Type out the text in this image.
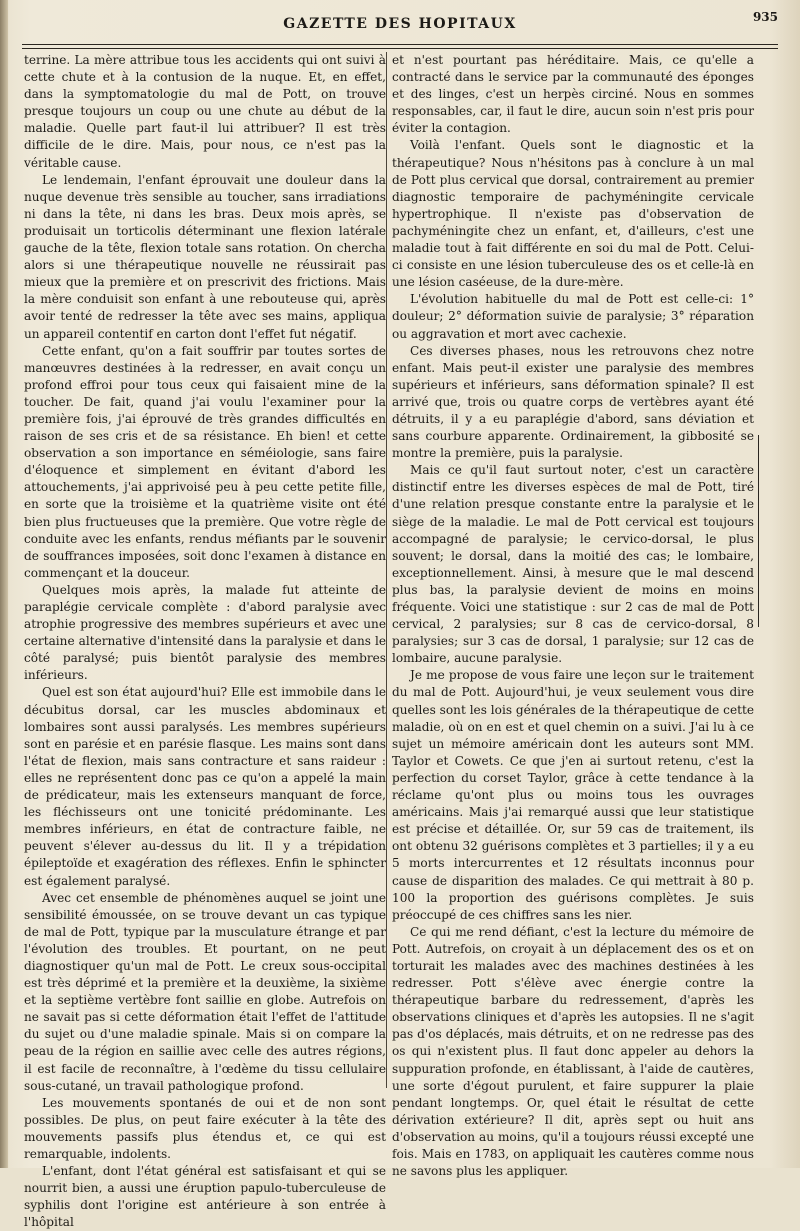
GAZETTE DES HOPITAUX	935

terrine. La mère attribue tous les accidents qui ont suivi à cette chute et à la contusion de la nuque. Et, en effet, dans la symptomatologie du mal de Pott, on trouve presque toujours un coup ou une chute au début de la maladie. Quelle part faut-il lui attribuer? Il est très difficile de le dire. Mais, pour nous, ce n'est pas la véritable cause.

Le lendemain, l'enfant éprouvait une douleur dans la nuque devenue très sensible au toucher, sans irradiations ni dans la tête, ni dans les bras. Deux mois après, se produisait un torticolis déterminant une flexion latérale gauche de la tête, flexion totale sans rotation. On chercha alors si une thérapeutique nouvelle ne réussirait pas mieux que la première et on prescrivit des frictions. Mais la mère conduisit son enfant à une rebouteuse qui, après avoir tenté de redresser la tête avec ses mains, appliqua un appareil contentif en carton dont l'effet fut négatif.

Cette enfant, qu'on a fait souffrir par toutes sortes de manœuvres destinées à la redresser, en avait conçu un profond effroi pour tous ceux qui faisaient mine de la toucher. De fait, quand j'ai voulu l'examiner pour la première fois, j'ai éprouvé de très grandes difficultés en raison de ses cris et de sa résistance. Eh bien! et cette observation a son importance en séméiologie, sans faire d'éloquence et simplement en évitant d'abord les attouchements, j'ai apprivoisé peu à peu cette petite fille, en sorte que la troisième et la quatrième visite ont été bien plus fructueuses que la première. Que votre règle de conduite avec les enfants, rendus méfiants par le souvenir de souffrances imposées, soit donc l'examen à distance en commençant et la douceur.

Quelques mois après, la malade fut atteinte de paraplégie cervicale complète : d'abord paralysie avec atrophie progressive des membres supérieurs et avec une certaine alternative d'intensité dans la paralysie et dans le côté paralysé; puis bientôt paralysie des membres inférieurs.

Quel est son état aujourd'hui? Elle est immobile dans le décubitus dorsal, car les muscles abdominaux et lombaires sont aussi paralysés. Les membres supérieurs sont en parésie et en parésie flasque. Les mains sont dans l'état de flexion, mais sans contracture et sans raideur : elles ne représentent donc pas ce qu'on a appelé la main de prédicateur, mais les extenseurs manquant de force, les fléchisseurs ont une tonicité prédominante. Les membres inférieurs, en état de contracture faible, ne peuvent s'élever au-dessus du lit. Il y a trépidation épileptoïde et exagération des réflexes. Enfin le sphincter est également paralysé.

Avec cet ensemble de phénomènes auquel se joint une sensibilité émoussée, on se trouve devant un cas typique de mal de Pott, typique par la musculature étrange et par l'évolution des troubles. Et pourtant, on ne peut diagnostiquer qu'un mal de Pott. Le creux sous-occipital est très déprimé et la première et la deuxième, la sixième et la septième vertèbre font saillie en globe. Autrefois on ne savait pas si cette déformation était l'effet de l'attitude du sujet ou d'une maladie spinale. Mais si on compare la peau de la région en saillie avec celle des autres régions, il est facile de reconnaître, à l'œdème du tissu cellulaire sous-cutané, un travail pathologique profond.

Les mouvements spontanés de oui et de non sont possibles. De plus, on peut faire exécuter à la tête des mouvements passifs plus étendus et, ce qui est remarquable, indolents.

L'enfant, dont l'état général est satisfaisant et qui se nourrit bien, a aussi une éruption papulo-tuberculeuse de syphilis dont l'origine est antérieure à son entrée à l'hôpital

et n'est pourtant pas héréditaire. Mais, ce qu'elle a contracté dans le service par la communauté des éponges et des linges, c'est un herpès circiné. Nous en sommes responsables, car, il faut le dire, aucun soin n'est pris pour éviter la contagion.

Voilà l'enfant. Quels sont le diagnostic et la thérapeutique? Nous n'hésitons pas à conclure à un mal de Pott plus cervical que dorsal, contrairement au premier diagnostic temporaire de pachyméningite cervicale hypertrophique. Il n'existe pas d'observation de pachyméningite chez un enfant, et, d'ailleurs, c'est une maladie tout à fait différente en soi du mal de Pott. Celui-ci consiste en une lésion tuberculeuse des os et celle-là en une lésion caséeuse, de la dure-mère.

L'évolution habituelle du mal de Pott est celle-ci: 1° douleur; 2° déformation suivie de paralysie; 3° réparation ou aggravation et mort avec cachexie.

Ces diverses phases, nous les retrouvons chez notre enfant. Mais peut-il exister une paralysie des membres supérieurs et inférieurs, sans déformation spinale? Il est arrivé que, trois ou quatre corps de vertèbres ayant été détruits, il y a eu paraplégie d'abord, sans déviation et sans courbure apparente. Ordinairement, la gibbosité se montre la première, puis la paralysie.

Mais ce qu'il faut surtout noter, c'est un caractère distinctif entre les diverses espèces de mal de Pott, tiré d'une relation presque constante entre la paralysie et le siège de la maladie. Le mal de Pott cervical est toujours accompagné de paralysie; le cervico-dorsal, le plus souvent; le dorsal, dans la moitié des cas; le lombaire, exceptionnellement. Ainsi, à mesure que le mal descend plus bas, la paralysie devient de moins en moins fréquente. Voici une statistique : sur 2 cas de mal de Pott cervical, 2 paralysies; sur 8 cas de cervico-dorsal, 8 paralysies; sur 3 cas de dorsal, 1 paralysie; sur 12 cas de lombaire, aucune paralysie.

Je me propose de vous faire une leçon sur le traitement du mal de Pott. Aujourd'hui, je veux seulement vous dire quelles sont les lois générales de la thérapeutique de cette maladie, où on en est et quel chemin on a suivi. J'ai lu à ce sujet un mémoire américain dont les auteurs sont MM. Taylor et Cowets. Ce que j'en ai surtout retenu, c'est la perfection du corset Taylor, grâce à cette tendance à la réclame qu'ont plus ou moins tous les ouvrages américains. Mais j'ai remarqué aussi que leur statistique est précise et détaillée. Or, sur 59 cas de traitement, ils ont obtenu 32 guérisons complètes et 3 partielles; il y a eu 5 morts intercurrentes et 12 résultats inconnus pour cause de disparition des malades. Ce qui mettrait à 80 p. 100 la proportion des guérisons complètes. Je suis préoccupé de ces chiffres sans les nier.

Ce qui me rend défiant, c'est la lecture du mémoire de Pott. Autrefois, on croyait à un déplacement des os et on torturait les malades avec des machines destinées à les redresser. Pott s'élève avec énergie contre la thérapeutique barbare du redressement, d'après les observations cliniques et d'après les autopsies. Il ne s'agit pas d'os déplacés, mais détruits, et on ne redresse pas des os qui n'existent plus. Il faut donc appeler au dehors la suppuration profonde, en établissant, à l'aide de cautères, une sorte d'égout purulent, et faire suppurer la plaie pendant longtemps. Or, quel était le résultat de cette dérivation extérieure? Il dit, après sept ou huit ans d'observation au moins, qu'il a toujours réussi excepté une fois. Mais en 1783, on appliquait les cautères comme nous ne savons plus les appliquer.
